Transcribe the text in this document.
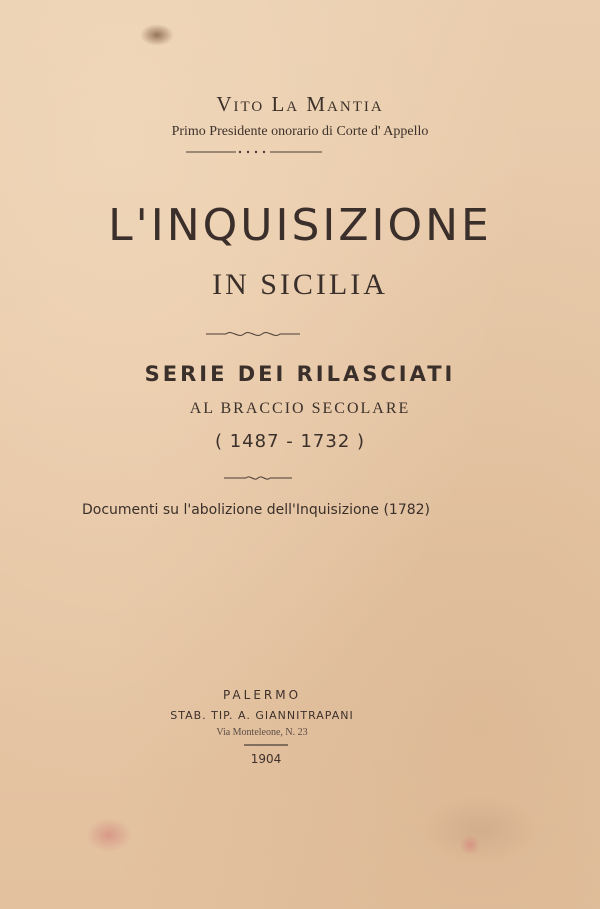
Vito La Mantia
Primo Presidente onorario di Corte d' Appello
L'INQUISIZIONE
IN SICILIA
SERIE DEI RILASCIATI
AL BRACCIO SECOLARE
( 1487 - 1732 )
Documenti su l'abolizione dell'Inquisizione (1782)
PALERMO
STAB. TIP. A. GIANNITRAPANI
Via Monteleone, N. 23
1904
